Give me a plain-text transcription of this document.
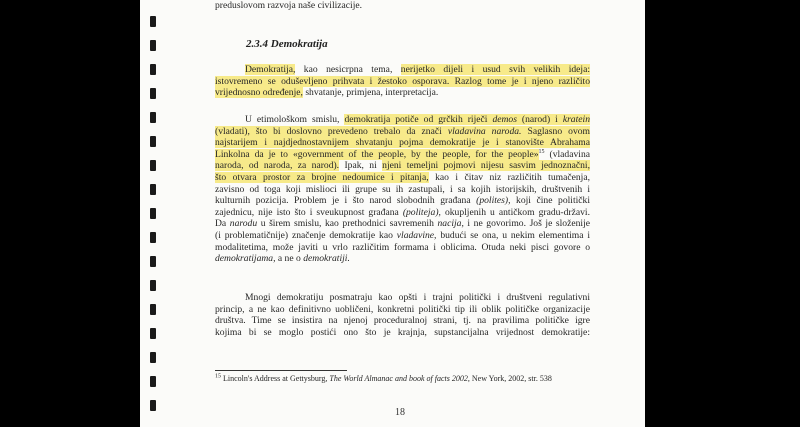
preduslovom razvoja naše civilizacije.
2.3.4 Demokratija
Demokratija, kao nesicrpna tema, nerijetko dijeli i usud svih velikih ideja:
istovremeno se oduševljeno prihvata i žestoko osporava. Razlog tome je i njeno različito
vrijednosno određenje, shvatanje, primjena, interpretacija.
U etimološkom smislu, demokratija potiče od grčkih riječi demos (narod) i kratein
(vladati), što bi doslovno prevedeno trebalo da znači vladavina naroda. Saglasno ovom
najstarijem i najdjednostavnijem shvatanju pojma demokratije je i stanovište Abrahama
Linkolna da je to «government of the people, by the people, for the people»$^{15}$ (vladavina
naroda, od naroda, za narod). Ipak, ni njeni temeljni pojmovi nijesu sasvim jednoznačni,
što otvara prostor za brojne nedoumice i pitanja, kao i čitav niz različitih tumačenja,
zavisno od toga koji mislioci ili grupe su ih zastupali, i sa kojih istorijskih, društvenih i
kulturnih pozicija. Problem je i što narod slobodnih građana (polites), koji čine politički
zajednicu, nije isto što i sveukupnost građana (politeja), okupljenih u antičkom gradu-državi.
Da narodu u širem smislu, kao prethodnici savremenih nacija, i ne govorimo. Još je složenije
(i problematičnije) značenje demokratije kao vladavine, budući se ona, u nekim elementima i
modalitetima, može javiti u vrlo različitim formama i oblicima. Otuda neki pisci govore o
demokratijama, a ne o demokratiji.
Mnogi demokratiju posmatraju kao opšti i trajni politički i društveni regulativni
princip, a ne kao definitivno uobličeni, konkretni politički tip ili oblik političke organizacije
društva. Time se insistira na njenoj proceduralnoj strani, tj. na pravilima političke igre
kojima bi se moglo postići ono što je krajnja, supstancijalna vrijednost demokratije:
$^{15}$ Lincoln's Address at Gettysburg, The World Almanac and book of facts 2002, New York, 2002, str. 538
18
